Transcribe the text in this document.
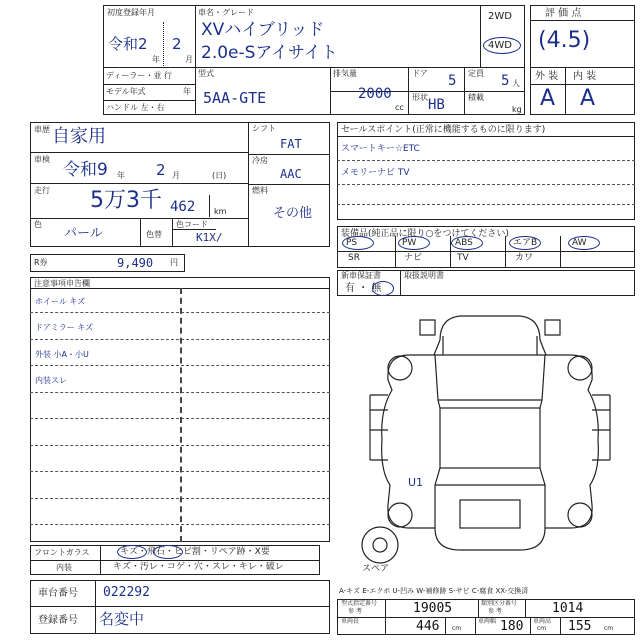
初度登録年月
令和2
年
2
月
車名・グレード
XVハイブリッド
2.0e-Sアイサイト
2WD
4WD
ディーラー・並 行
モデル年式	年
ハンドル 左・右
型式
5AA-GTE
排気量
2000
cc
ドア 5
形状 HB
定員 5 人
積載
kg
評 価 点
(4.5)
外 装 内 装
A A
車歴 自家用
車検
令和9 年 2 月	(日)
走行 5万3千 462 km
色
パール	色替
色コード
K1X/
シフト
FAT
冷房
AAC
燃料
その他
R券	9,490 円
セールスポイント(正常に機能するものに限ります)
スマートキー☆ETC
メモリーナビ TV
装備品(純正品に限り○をつけてください)
PS	PW	ABS	エアB	AW
SR	ナビ	TV	カワ
新車保証書
有 ・ 無
取扱説明書
注意事項申告欄
ホイール キズ
ドアミラー キズ
外装 小A・小U
内装スレ
U1
スペア
フロントガラス	キズ・飛石・ヒビ割・リペア跡・X要
内装	キズ・汚レ・コゲ・穴・スレ・キレ・破レ
車台番号 022292
登録番号 名変中
A-キズ E-エクボ U-凹み W-補修跡 S-サビ C-腐食 XX-交換済
型式指定番号
参 考	19005	類別区分番号
参 考	1014
車両長	446 cm
車両幅 180 cm
車両高 155 cm
